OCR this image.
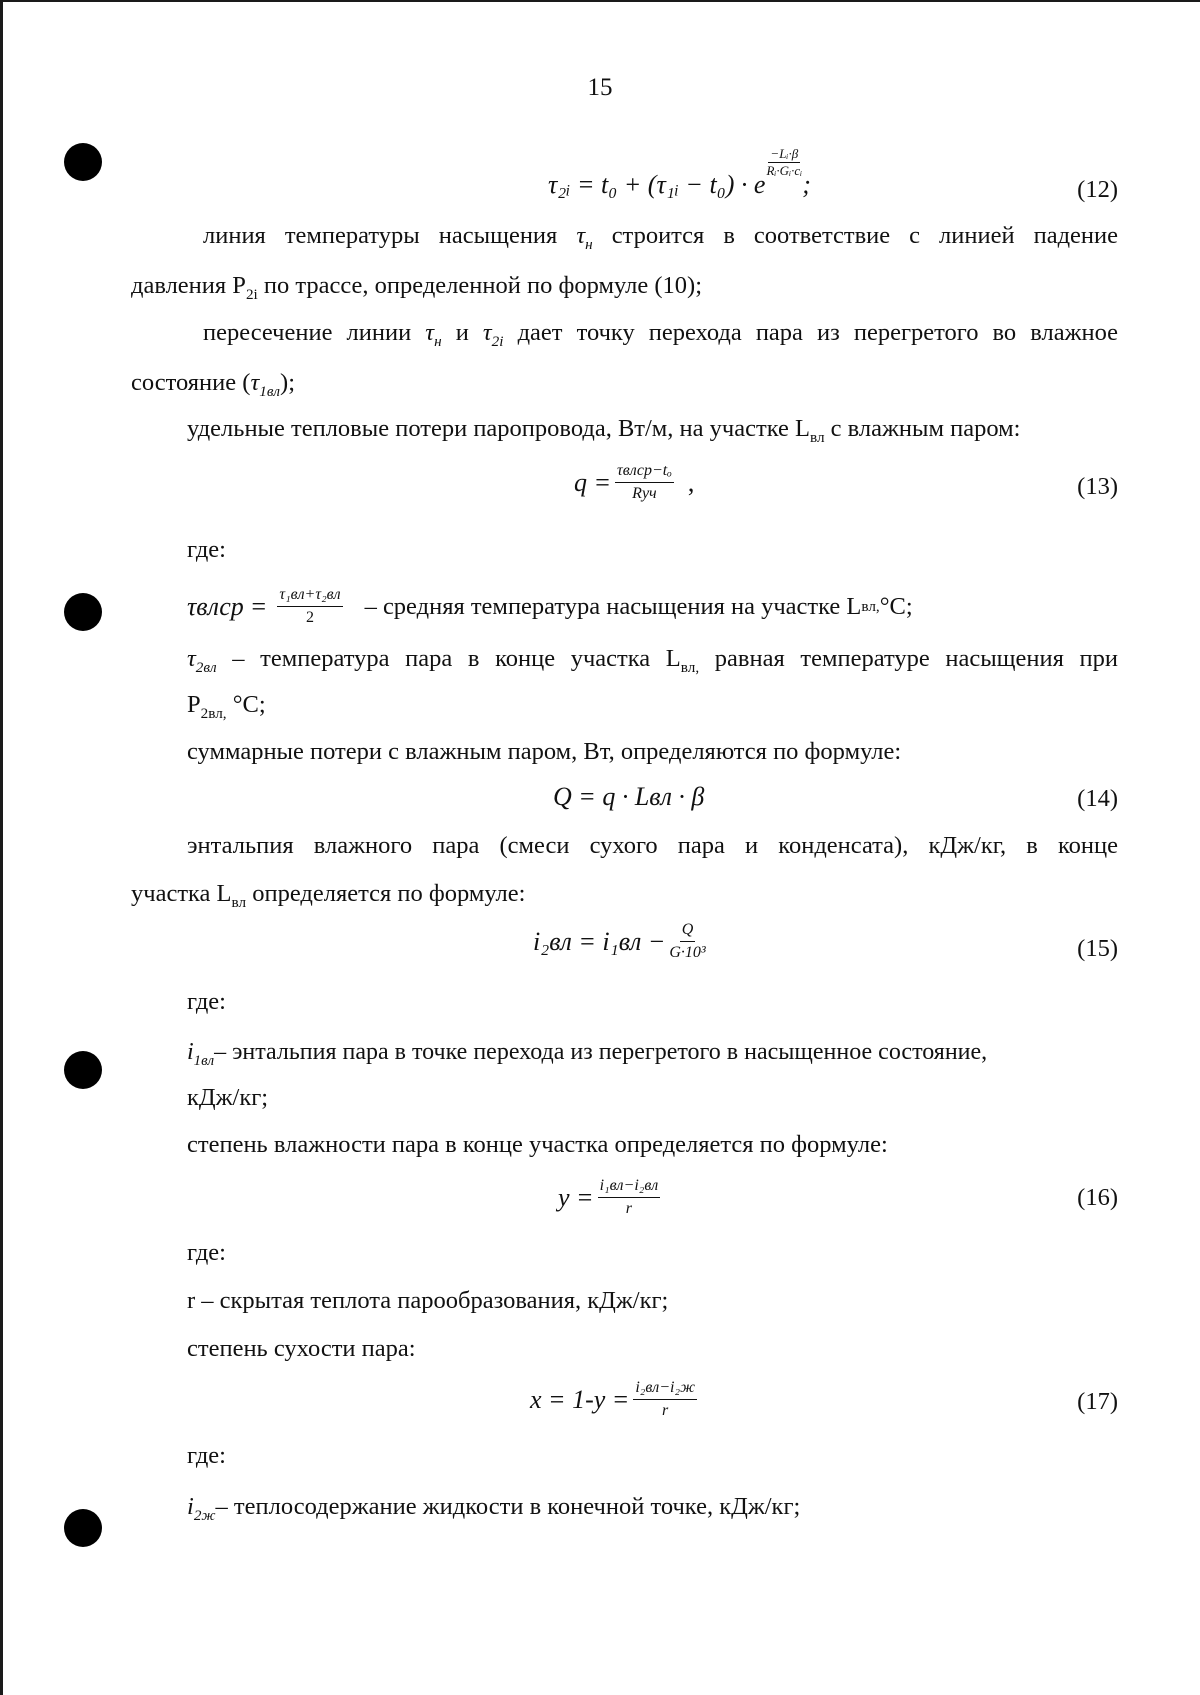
15
τ₂ᵢ = t₀ + (τ₁ᵢ − t₀) · e
$\frac{\text{−Lᵢ·β}}{\text{Rᵢ·Gᵢ·cᵢ}}$
;	(12)
линия температуры насыщения $\tau_н$ строится в соответствие с линией падение
давления $P_{2i}$ по трассе, определенной по формуле (10);
пересечение линии $\tau_н$ и $\tau_{2i}$ дает точку перехода пара из перегретого во влажное
состояние $(\tau_{1вл})$;
удельные тепловые потери паропровода, Вт/м, на участке $L_{вл}$ с влажным паром:
$q = \frac{\text{τвлср−tₒ}}{\text{Rуч}}$ ,	(13)
где:
τвлср = $\frac{\text{τ₁вл+τ₂вл}}{2}$ – средняя температура насыщения на участке L вл, °С;
$\tau_{2вл}$ – температура пара в конце участка $L_{вл,}$ равная температуре насыщения при
$P_{2вл,}$ °С;
суммарные потери с влажным паром, Вт, определяются по формуле:
Q = q · Lвл · β	(14)
энтальпия влажного пара (смеси сухого пара и конденсата), кДж/кг, в конце
участка $L_{вл}$ определяется по формуле:
$i_2вл = i_1вл - \frac{Q}{\text{G·10³}}$	(15)
где:
$i_{1вл}-$ энтальпия пара в точке перехода из перегретого в насыщенное состояние,
кДж/кг;
степень влажности пара в конце участка определяется по формуле:
$y = \frac{\text{i₁вл−i₂вл}}{r}$	(16)
где:
r – скрытая теплота парообразования, кДж/кг;
степень сухости пара:
$x = 1-y = \frac{\text{i₂вл−i₂ж}}{r}$	(17)
где:
$i_{2ж}-$ теплосодержание жидкости в конечной точке, кДж/кг;
